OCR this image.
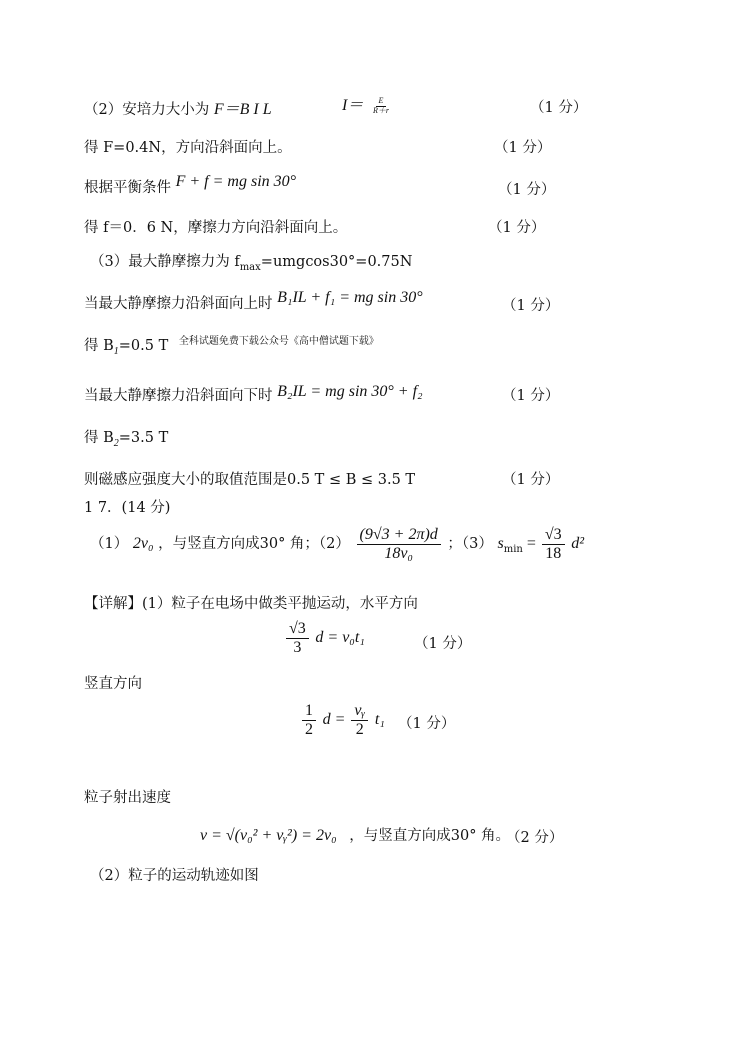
（2）安培力大小为 F＝B I L	$I= \frac{E}{R+r}$	（1 分）
得 F=0.4N，方向沿斜面向上。	（1 分）
根据平衡条件 F + f = mg sin 30°	（1 分）
得 f＝0．6 N，摩擦力方向沿斜面向上。	（1 分）
（3）最大静摩擦力为 $f_{max}=umgcos30^\circ=0.75N$
当最大静摩擦力沿斜面向上时 B₁IL + f₁ = mg sin 30°	（1 分）
得 $B_1=0.5$ T $^{全科试题免费下载公众号《高中僧试题下载》}$
当最大静摩擦力沿斜面向下时 B₂IL = mg sin 30° + f₂	（1 分）
得 $B_2=3.5$ T
则磁感应强度大小的取值范围是0.5 T ≤ B ≤ 3.5 T	（1 分）
1 7．(14 分)
（1） 2v₀ ，与竖直方向成30° 角；$(2) \frac{(9√3 + 2\pi)d}{\text{18v₀}}$ ；（3） $s_{min} = \frac{√3}{18} d^2$
【详解】(1）粒子在电场中做类平抛运动，水平方向
$\frac{√3}{3}$ d = v₀t₁	（1 分）
竖直方向
$\frac{1}{2}$ $d = \frac{\text{vᵧ}}{2} t_1$ （1 分）
粒子射出速度
v = √(v₀² + vᵧ²) = 2v₀ ，与竖直方向成30° 角。
（2 分）
（2）粒子的运动轨迹如图
